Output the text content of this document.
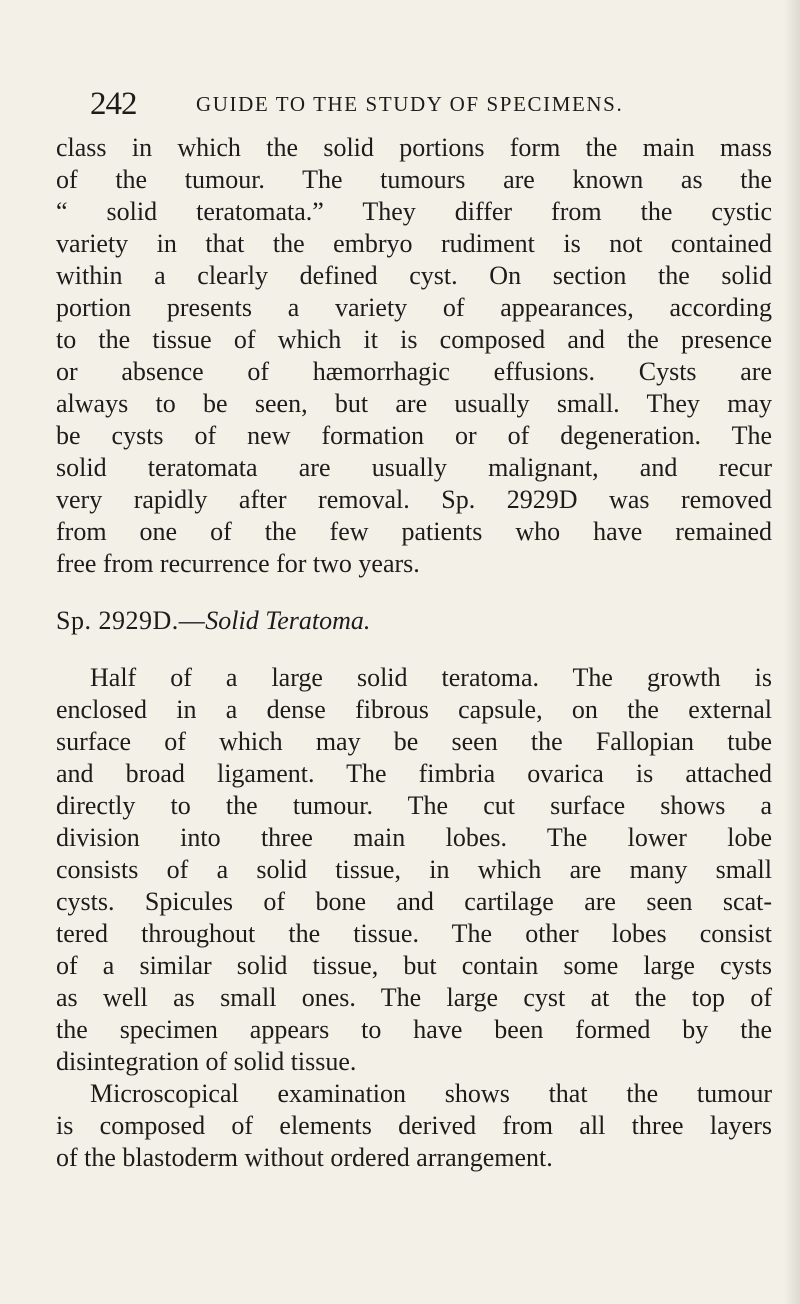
242	GUIDE TO THE STUDY OF SPECIMENS.
class in which the solid portions form the main mass
of the tumour. The tumours are known as the
“ solid teratomata.” They differ from the cystic
variety in that the embryo rudiment is not contained
within a clearly defined cyst. On section the solid
portion presents a variety of appearances, according
to the tissue of which it is composed and the presence
or absence of hæmorrhagic effusions. Cysts are
always to be seen, but are usually small. They may
be cysts of new formation or of degeneration. The
solid teratomata are usually malignant, and recur
very rapidly after removal. Sp. 2929D was removed
from one of the few patients who have remained
free from recurrence for two years.
Sp. 2929D.—Solid Teratoma.
Half of a large solid teratoma. The growth is
enclosed in a dense fibrous capsule, on the external
surface of which may be seen the Fallopian tube
and broad ligament. The fimbria ovarica is attached
directly to the tumour. The cut surface shows a
division into three main lobes. The lower lobe
consists of a solid tissue, in which are many small
cysts. Spicules of bone and cartilage are seen scat-
tered throughout the tissue. The other lobes consist
of a similar solid tissue, but contain some large cysts
as well as small ones. The large cyst at the top of
the specimen appears to have been formed by the
disintegration of solid tissue.
Microscopical examination shows that the tumour
is composed of elements derived from all three layers
of the blastoderm without ordered arrangement.
